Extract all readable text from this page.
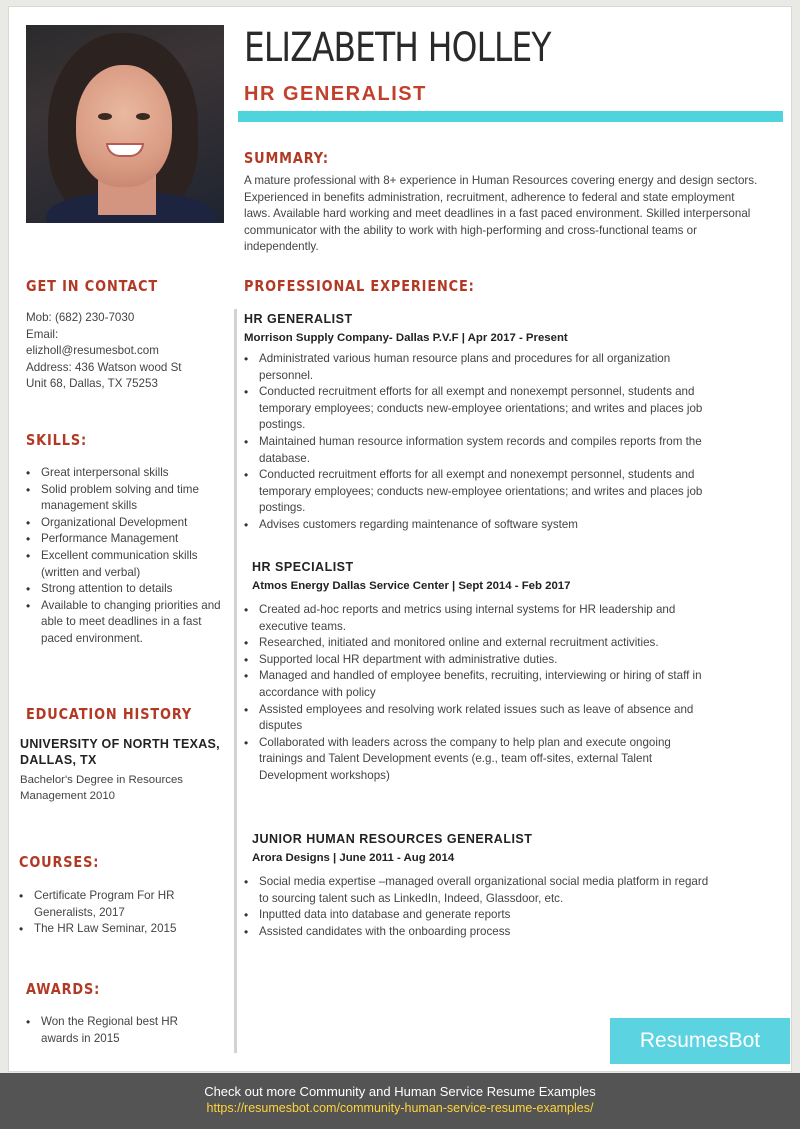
ELIZABETH HOLLEY
HR GENERALIST
SUMMARY:
A mature professional with 8+ experience in Human Resources covering energy and design sectors. Experienced in benefits administration, recruitment, adherence to federal and state employment laws. Available hard working and meet deadlines in a fast paced environment. Skilled interpersonal communicator with the ability to work with high-performing and cross-functional teams or independently.
GET IN CONTACT
Mob: (682) 230-7030
Email:
elizholl@resumesbot.com
Address: 436 Watson wood St
Unit 68, Dallas, TX 75253
SKILLS:
• Great interpersonal skills
• Solid problem solving and time management skills
• Organizational Development
• Performance Management
• Excellent communication skills (written and verbal)
• Strong attention to details
• Available to changing priorities and able to meet deadlines in a fast paced environment.
EDUCATION HISTORY
UNIVERSITY OF NORTH TEXAS, DALLAS, TX
Bachelor's Degree in Resources Management 2010
COURSES:
• Certificate Program For HR Generalists, 2017
• The HR Law Seminar, 2015
AWARDS:
• Won the Regional best HR awards in 2015
PROFESSIONAL EXPERIENCE:
HR GENERALIST
Morrison Supply Company- Dallas P.V.F | Apr 2017 - Present
• Administrated various human resource plans and procedures for all organization personnel.
• Conducted recruitment efforts for all exempt and nonexempt personnel, students and temporary employees; conducts new-employee orientations; and writes and places job postings.
• Maintained human resource information system records and compiles reports from the database.
• Conducted recruitment efforts for all exempt and nonexempt personnel, students and temporary employees; conducts new-employee orientations; and writes and places job postings.
• Advises customers regarding maintenance of software system
HR SPECIALIST
Atmos Energy Dallas Service Center | Sept 2014 - Feb 2017
• Created ad-hoc reports and metrics using internal systems for HR leadership and executive teams.
• Researched, initiated and monitored online and external recruitment activities.
• Supported local HR department with administrative duties.
• Managed and handled of employee benefits, recruiting, interviewing or hiring of staff in accordance with policy
• Assisted employees and resolving work related issues such as leave of absence and disputes
• Collaborated with leaders across the company to help plan and execute ongoing trainings and Talent Development events (e.g., team off-sites, external Talent Development workshops)
JUNIOR HUMAN RESOURCES GENERALIST
Arora Designs | June 2011 - Aug 2014
• Social media expertise –managed overall organizational social media platform in regard to sourcing talent such as LinkedIn, Indeed, Glassdoor, etc.
• Inputted data into database and generate reports
• Assisted candidates with the onboarding process
ResumesBot
Check out more Community and Human Service Resume Examples
https://resumesbot.com/community-human-service-resume-examples/
